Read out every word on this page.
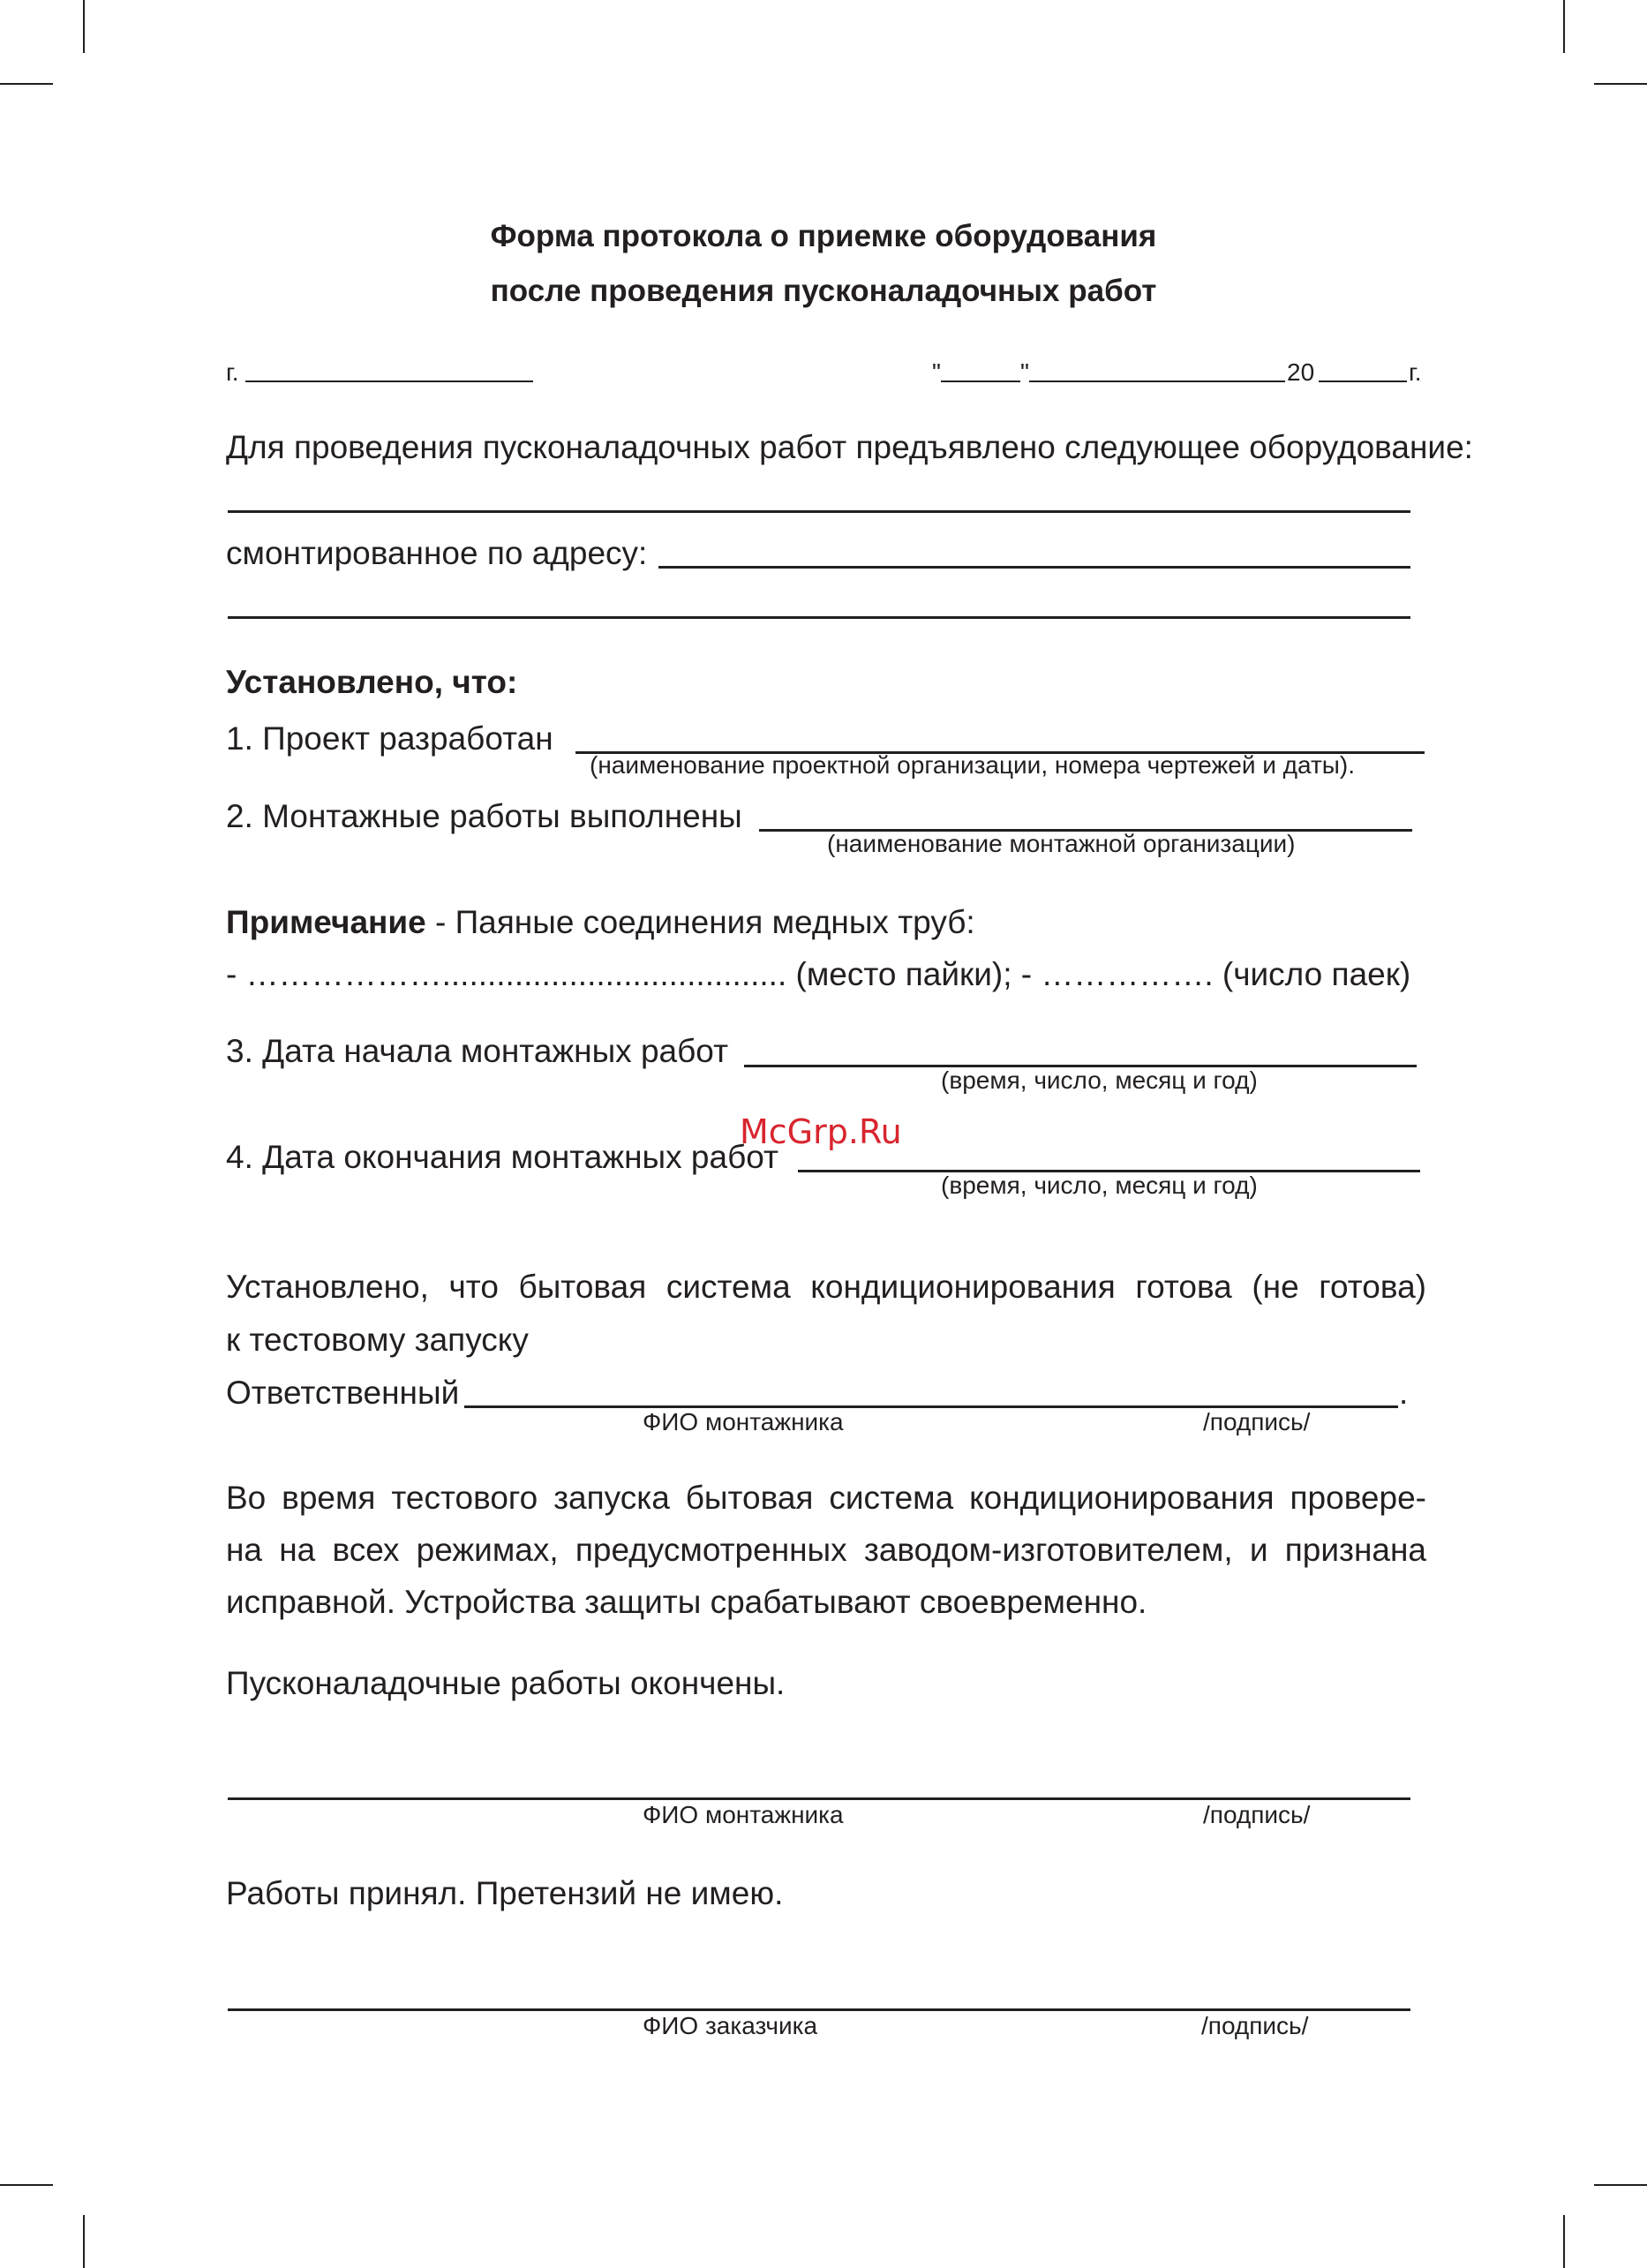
Форма протокола о приемке оборудования
после проведения пусконаладочных работ
г.	"	"	20	г.
Для проведения пусконаладочных работ предъявлено следующее оборудование:
смонтированное по адресу:
Установлено, что:
1. Проект разработан
(наименование проектной организации, номера чертежей и даты).
2. Монтажные работы выполнены
(наименование монтажной организации)
Примечание - Паяные соединения медных труб:
- ………………...................................... (место пайки); - ……………. (число паек)
3. Дата начала монтажных работ
(время, число, месяц и год)
McGrp.Ru
4. Дата окончания монтажных работ
(время, число, месяц и год)
Установлено, что бытовая система кондиционирования готова (не готова)
к тестовому запуску
Ответственный	.
ФИО монтажника	/подпись/
Во время тестового запуска бытовая система кондиционирования провере-
на на всех режимах, предусмотренных заводом-изготовителем, и признана
исправной. Устройства защиты срабатывают своевременно.
Пусконаладочные работы окончены.
ФИО монтажника	/подпись/
Работы принял. Претензий не имею.
ФИО заказчика	/подпись/
